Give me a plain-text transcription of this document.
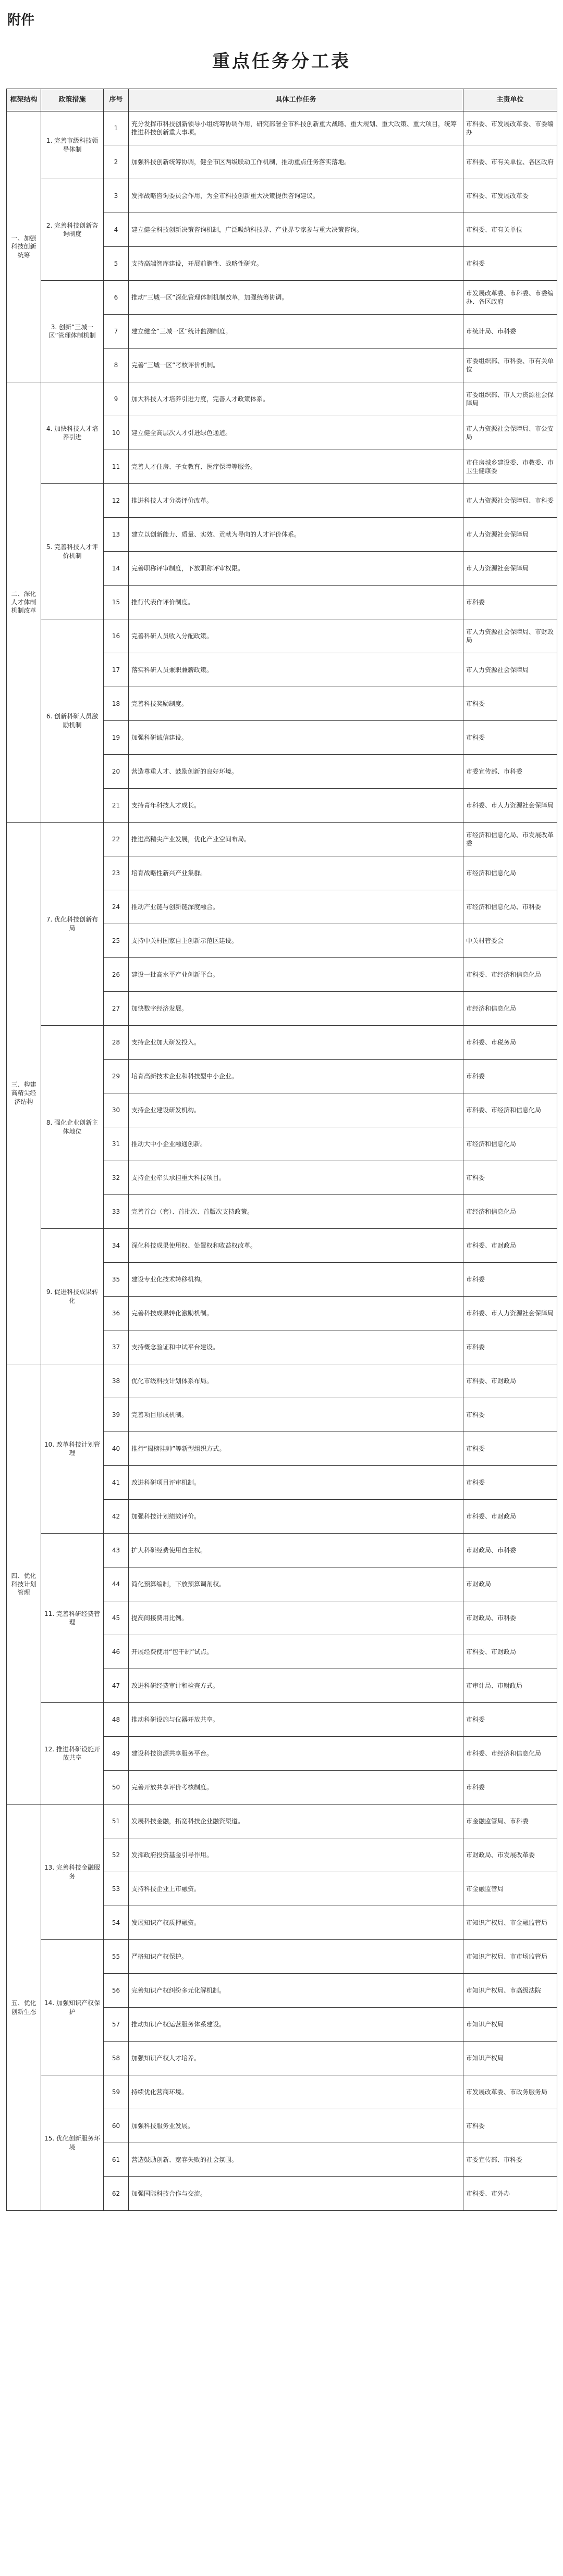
附件
重点任务分工表
框架结构	政策措施	序号	具体工作任务	主责单位
一、加强科技创新统筹	1. 完善市级科技领导体制	1	充分发挥市科技创新领导小组统筹协调作用，研究部署全市科技创新重大战略、重大规划、重大政策、重大项目，统筹推进科技创新重大事项。	市科委、市发展改革委、市委编办
		2	加强科技创新统筹协调，健全市区两级联动工作机制，推动重点任务落实落地。	市科委、市有关单位、各区政府
	2. 完善科技创新咨询制度	3	发挥战略咨询委员会作用，为全市科技创新重大决策提供咨询建议。	市科委、市发展改革委
		4	建立健全科技创新决策咨询机制，广泛吸纳科技界、产业界专家参与重大决策咨询。	市科委、市有关单位
		5	支持高端智库建设，开展前瞻性、战略性研究。	市科委
	3. 创新“三城一区”管理体制机制	6	推动“三城一区”深化管理体制机制改革，加强统筹协调。	市发展改革委、市科委、市委编办、各区政府
		7	建立健全“三城一区”统计监测制度。	市统计局、市科委
		8	完善“三城一区”考核评价机制。	市委组织部、市科委、市有关单位
二、深化人才体制机制改革	4. 加快科技人才培养引进	9	加大科技人才培养引进力度，完善人才政策体系。	市委组织部、市人力资源社会保障局
		10	建立健全高层次人才引进绿色通道。	市人力资源社会保障局、市公安局
		11	完善人才住房、子女教育、医疗保障等服务。	市住房城乡建设委、市教委、市卫生健康委
	5. 完善科技人才评价机制	12	推进科技人才分类评价改革。	市人力资源社会保障局、市科委
		13	建立以创新能力、质量、实效、贡献为导向的人才评价体系。	市人力资源社会保障局
		14	完善职称评审制度，下放职称评审权限。	市人力资源社会保障局
		15	推行代表作评价制度。	市科委
	6. 创新科研人员激励机制	16	完善科研人员收入分配政策。	市人力资源社会保障局、市财政局
		17	落实科研人员兼职兼薪政策。	市人力资源社会保障局
		18	完善科技奖励制度。	市科委
		19	加强科研诚信建设。	市科委
		20	营造尊重人才、鼓励创新的良好环境。	市委宣传部、市科委
		21	支持青年科技人才成长。	市科委、市人力资源社会保障局
三、构建高精尖经济结构	7. 优化科技创新布局	22	推进高精尖产业发展，优化产业空间布局。	市经济和信息化局、市发展改革委
		23	培育战略性新兴产业集群。	市经济和信息化局
		24	推动产业链与创新链深度融合。	市经济和信息化局、市科委
		25	支持中关村国家自主创新示范区建设。	中关村管委会
		26	建设一批高水平产业创新平台。	市科委、市经济和信息化局
		27	加快数字经济发展。	市经济和信息化局
	8. 强化企业创新主体地位	28	支持企业加大研发投入。	市科委、市税务局
		29	培育高新技术企业和科技型中小企业。	市科委
		30	支持企业建设研发机构。	市科委、市经济和信息化局
		31	推动大中小企业融通创新。	市经济和信息化局
		32	支持企业牵头承担重大科技项目。	市科委
		33	完善首台（套）、首批次、首版次支持政策。	市经济和信息化局
	9. 促进科技成果转化	34	深化科技成果使用权、处置权和收益权改革。	市科委、市财政局
		35	建设专业化技术转移机构。	市科委
		36	完善科技成果转化激励机制。	市科委、市人力资源社会保障局
		37	支持概念验证和中试平台建设。	市科委
四、优化科技计划管理	10. 改革科技计划管理	38	优化市级科技计划体系布局。	市科委、市财政局
		39	完善项目形成机制。	市科委
		40	推行“揭榜挂帅”等新型组织方式。	市科委
		41	改进科研项目评审机制。	市科委
		42	加强科技计划绩效评价。	市科委、市财政局
	11. 完善科研经费管理	43	扩大科研经费使用自主权。	市财政局、市科委
		44	简化预算编制，下放预算调剂权。	市财政局
		45	提高间接费用比例。	市财政局、市科委
		46	开展经费使用“包干制”试点。	市科委、市财政局
		47	改进科研经费审计和检查方式。	市审计局、市财政局
	12. 推进科研设施开放共享	48	推动科研设施与仪器开放共享。	市科委
		49	建设科技资源共享服务平台。	市科委、市经济和信息化局
		50	完善开放共享评价考核制度。	市科委
五、优化创新生态	13. 完善科技金融服务	51	发展科技金融，拓宽科技企业融资渠道。	市金融监管局、市科委
		52	发挥政府投资基金引导作用。	市财政局、市发展改革委
		53	支持科技企业上市融资。	市金融监管局
		54	发展知识产权质押融资。	市知识产权局、市金融监管局
	14. 加强知识产权保护	55	严格知识产权保护。	市知识产权局、市市场监管局
		56	完善知识产权纠纷多元化解机制。	市知识产权局、市高级法院
		57	推动知识产权运营服务体系建设。	市知识产权局
		58	加强知识产权人才培养。	市知识产权局
	15. 优化创新服务环境	59	持续优化营商环境。	市发展改革委、市政务服务局
		60	加强科技服务业发展。	市科委
		61	营造鼓励创新、宽容失败的社会氛围。	市委宣传部、市科委
		62	加强国际科技合作与交流。	市科委、市外办
